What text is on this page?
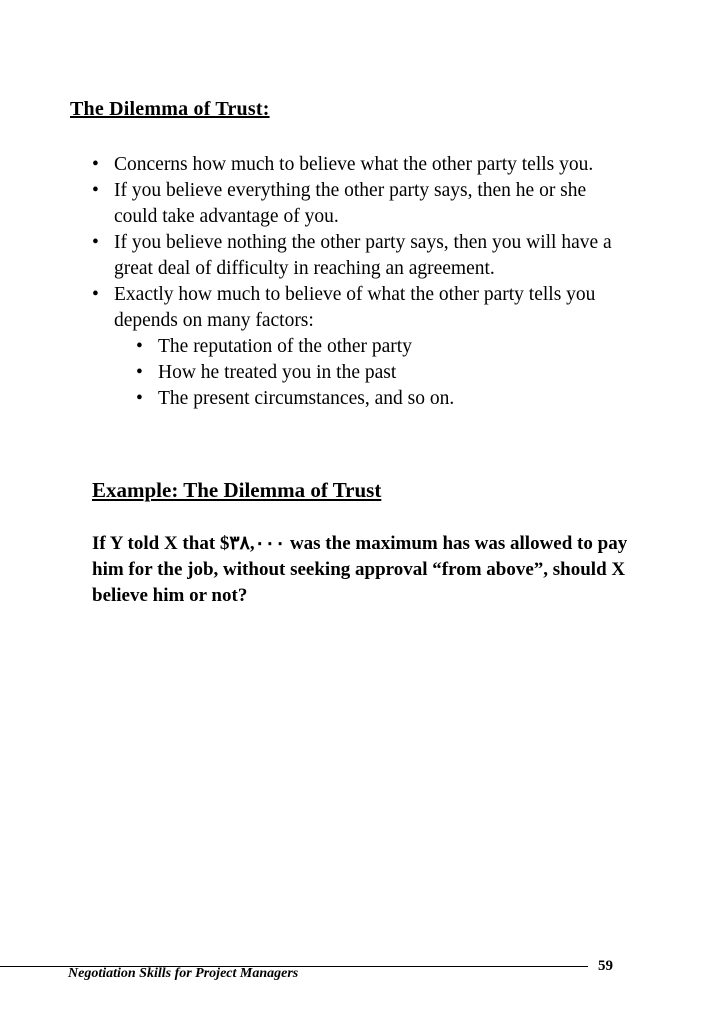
The Dilemma of Trust:
• Concerns how much to believe what the other party tells you.
• If you believe everything the other party says, then he or she could take advantage of you.
• If you believe nothing the other party says, then you will have a great deal of difficulty in reaching an agreement.
• Exactly how much to believe of what the other party tells you depends on many factors:
• The reputation of the other party
• How he treated you in the past
• The present circumstances, and so on.
Example: The Dilemma of Trust

If Y told X that $٣٨,٠٠٠ was the maximum has was allowed to pay him for the job, without seeking approval “from above”, should X believe him or not?

Negotiation Skills for Project Managers	59
